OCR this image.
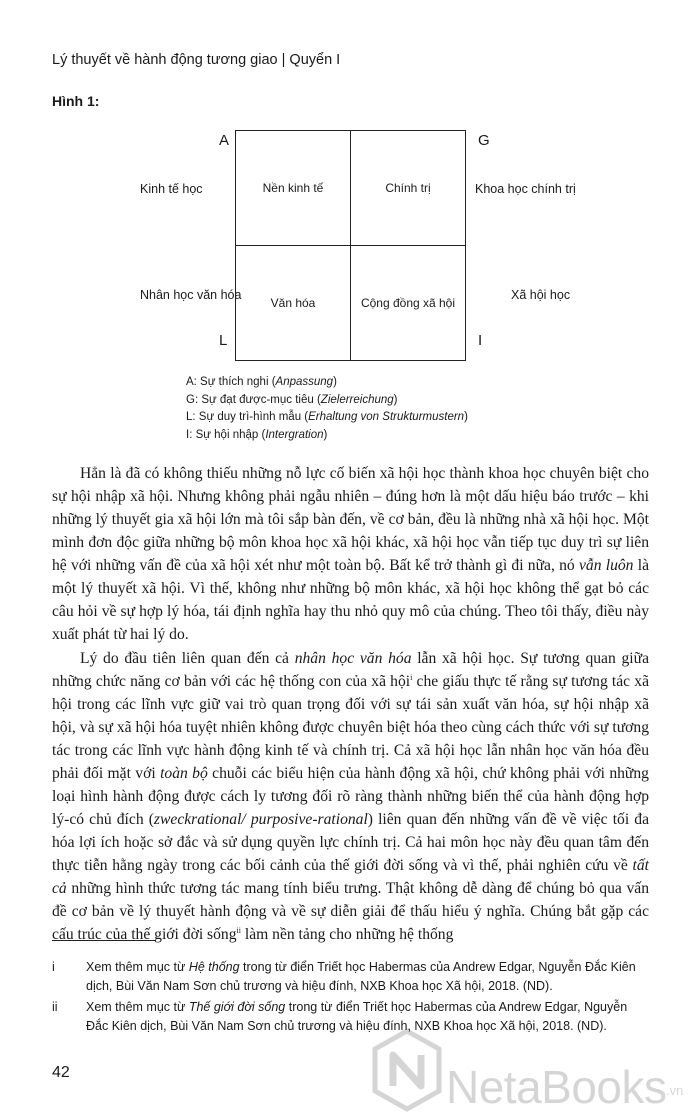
Lý thuyết về hành động tương giao | Quyển I
Hình 1:
A	G
L	I
Kinh tế học	Khoa học chính trị
Nhân học văn hóa	Xã hội học
Nền kinh tế	Chính trị
Văn hóa	Cộng đồng xã hội
A: Sự thích nghi (Anpassung)
G: Sự đạt được-mục tiêu (Zielerreichung)
L: Sự duy trì-hình mẫu (Erhaltung von Strukturmustern)
I: Sự hội nhập (Intergration)

Hẳn là đã có không thiếu những nỗ lực cố biến xã hội học thành khoa học chuyên biệt cho sự hội nhập xã hội. Nhưng không phải ngẫu nhiên – đúng hơn là một dấu hiệu báo trước – khi những lý thuyết gia xã hội lớn mà tôi sắp bàn đến, về cơ bản, đều là những nhà xã hội học. Một mình đơn độc giữa những bộ môn khoa học xã hội khác, xã hội học vẫn tiếp tục duy trì sự liên hệ với những vấn đề của xã hội xét như một toàn bộ. Bất kể trở thành gì đi nữa, nó vẫn luôn là một lý thuyết xã hội. Vì thế, không như những bộ môn khác, xã hội học không thể gạt bỏ các câu hỏi về sự hợp lý hóa, tái định nghĩa hay thu nhỏ quy mô của chúng. Theo tôi thấy, điều này xuất phát từ hai lý do.

Lý do đầu tiên liên quan đến cả nhân học văn hóa lẫn xã hội học. Sự tương quan giữa những chức năng cơ bản với các hệ thống con của xã hội$^i$ che giấu thực tế rằng sự tương tác xã hội trong các lĩnh vực giữ vai trò quan trọng đối với sự tái sản xuất văn hóa, sự hội nhập xã hội, và sự xã hội hóa tuyệt nhiên không được chuyên biệt hóa theo cùng cách thức với sự tương tác trong các lĩnh vực hành động kinh tế và chính trị. Cả xã hội học lẫn nhân học văn hóa đều phải đối mặt với toàn bộ chuỗi các biểu hiện của hành động xã hội, chứ không phải với những loại hình hành động được cách ly tương đối rõ ràng thành những biến thể của hành động hợp lý-có chủ đích (zweckrational/ purposive-rational) liên quan đến những vấn đề về việc tối đa hóa lợi ích hoặc sở đắc và sử dụng quyền lực chính trị. Cả hai môn học này đều quan tâm đến thực tiễn hằng ngày trong các bối cảnh của thế giới đời sống và vì thế, phải nghiên cứu về tất cả những hình thức tương tác mang tính biểu trưng. Thật không dễ dàng để chúng bỏ qua vấn đề cơ bản về lý thuyết hành động và về sự diễn giải để thấu hiểu ý nghĩa. Chúng bắt gặp các cấu trúc của thế giới đời sống$^{ii}$ làm nền tảng cho những hệ thống

i Xem thêm mục từ Hệ thống trong từ điển Triết học Habermas của Andrew Edgar, Nguyễn Đắc Kiên dịch, Bùi Văn Nam Sơn chủ trương và hiệu đính, NXB Khoa học Xã hội, 2018. (ND).
ii Xem thêm mục từ Thế giới đời sống trong từ điển Triết học Habermas của Andrew Edgar, Nguyễn Đắc Kiên dịch, Bùi Văn Nam Sơn chủ trương và hiệu đính, NXB Khoa học Xã hội, 2018. (ND).
42	NetaBooks .vn
